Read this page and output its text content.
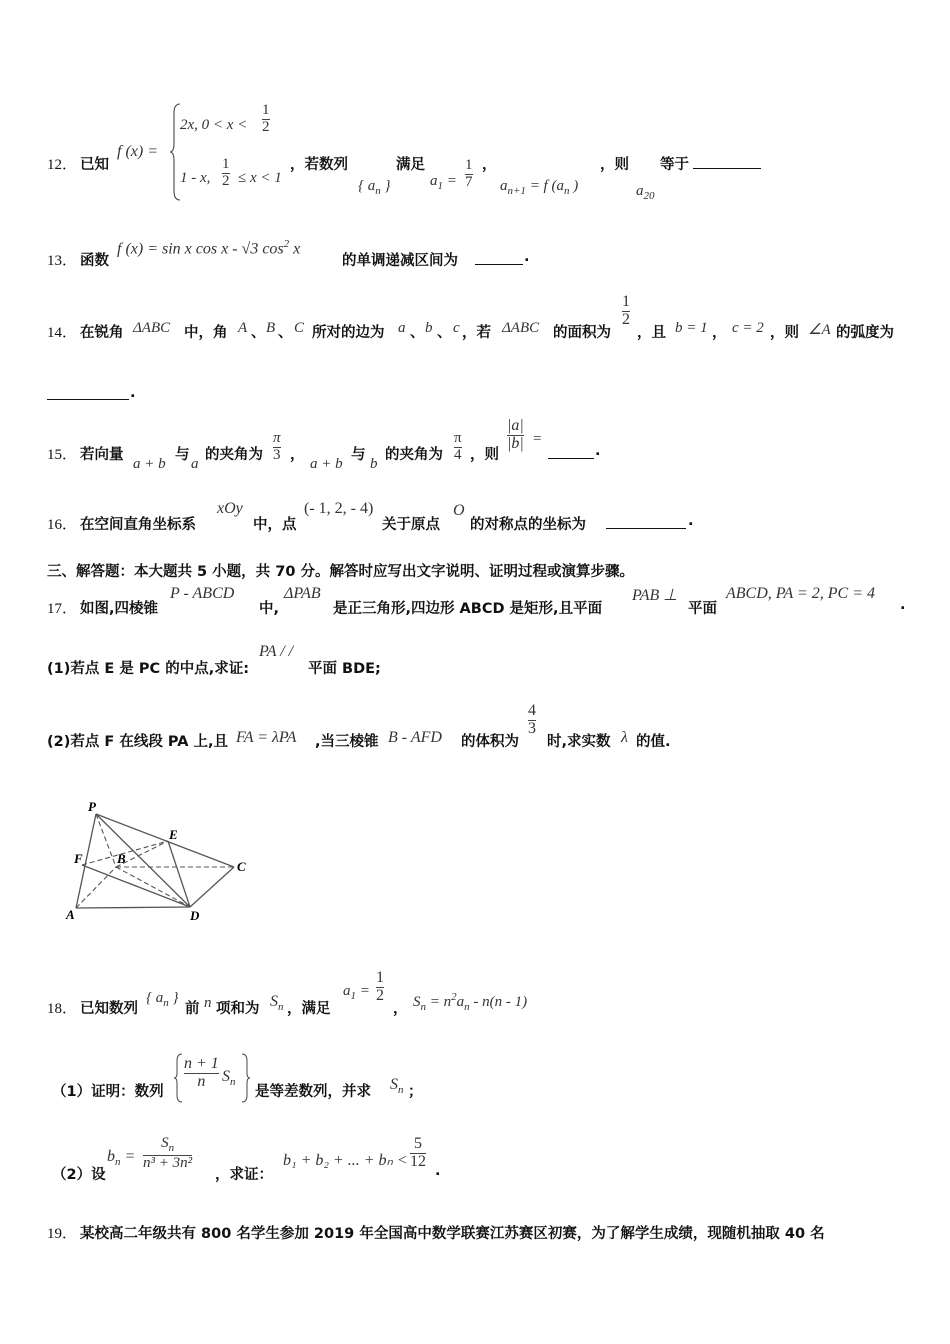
12． 已知
f (x) =
2x, 0 < x <
1
2
1 - x,
1
2 ≤ x < 1
，若数列	满足
{ $a_n$ }
，
$a_1$ =
1
7 $a_{n+1} = f$ ($a_n$ )
，则 等于
$a_{20}$
13． 函数
f (x) = sin x cos x - √3 $\cos^2 x$
的单调递减区间为	.
14． 在锐角 ΔABC 中，角 A 、 B 、 C 所对的边为 a 、 b 、 c ，若 ΔABC 的面积为
1
2
，且 b = 1 ， c = 2 ，则 ∠A 的弧度为
.
15． 若向量
a + b
与
a
的夹角为
π
3 ，
a + b
与
b
的夹角为
π
4 ，则
|a|
|b| =
.
16． 在空间直角坐标系
xOy
中，点
(- 1, 2, - 4)
关于原点
O
的对称点的坐标为	.
三、解答题：本大题共 5 小题，共 70 分。解答时应写出文字说明、证明过程或演算步骤。
17． 如图,四棱锥
P - ABCD
中,
ΔPAB
是正三角形,四边形 ABCD 是矩形,且平面
PAB ⊥
平面
ABCD, PA = 2, PC = 4
.
(1)若点 E 是 PC 的中点,求证:
PA / /
平面 BDE;
(2)若点 F 在线段 PA 上,且 FA = λPA ,当三棱锥 B - AFD 的体积为
4
3
时,求实数 λ 的值.
P
E
F	B
C
A	D
18． 已知数列
{ $a_n$ }
前 n 项和为 $S_n$ ，满足
$a_1$ =
1
2
， $S_n = n^2a_n - n(n - 1)$
（1）证明：数列
n + 1
n $S_n$
是等差数列，并求 $S_n$ ；
（2）设
$b_n$ =
$S_n$
n³ + 3n²
，求证：
b₁ + b₂ + ... + bₙ <
5
12
.
19． 某校高二年级共有 800 名学生参加 2019 年全国高中数学联赛江苏赛区初赛，为了解学生成绩，现随机抽取 40 名
